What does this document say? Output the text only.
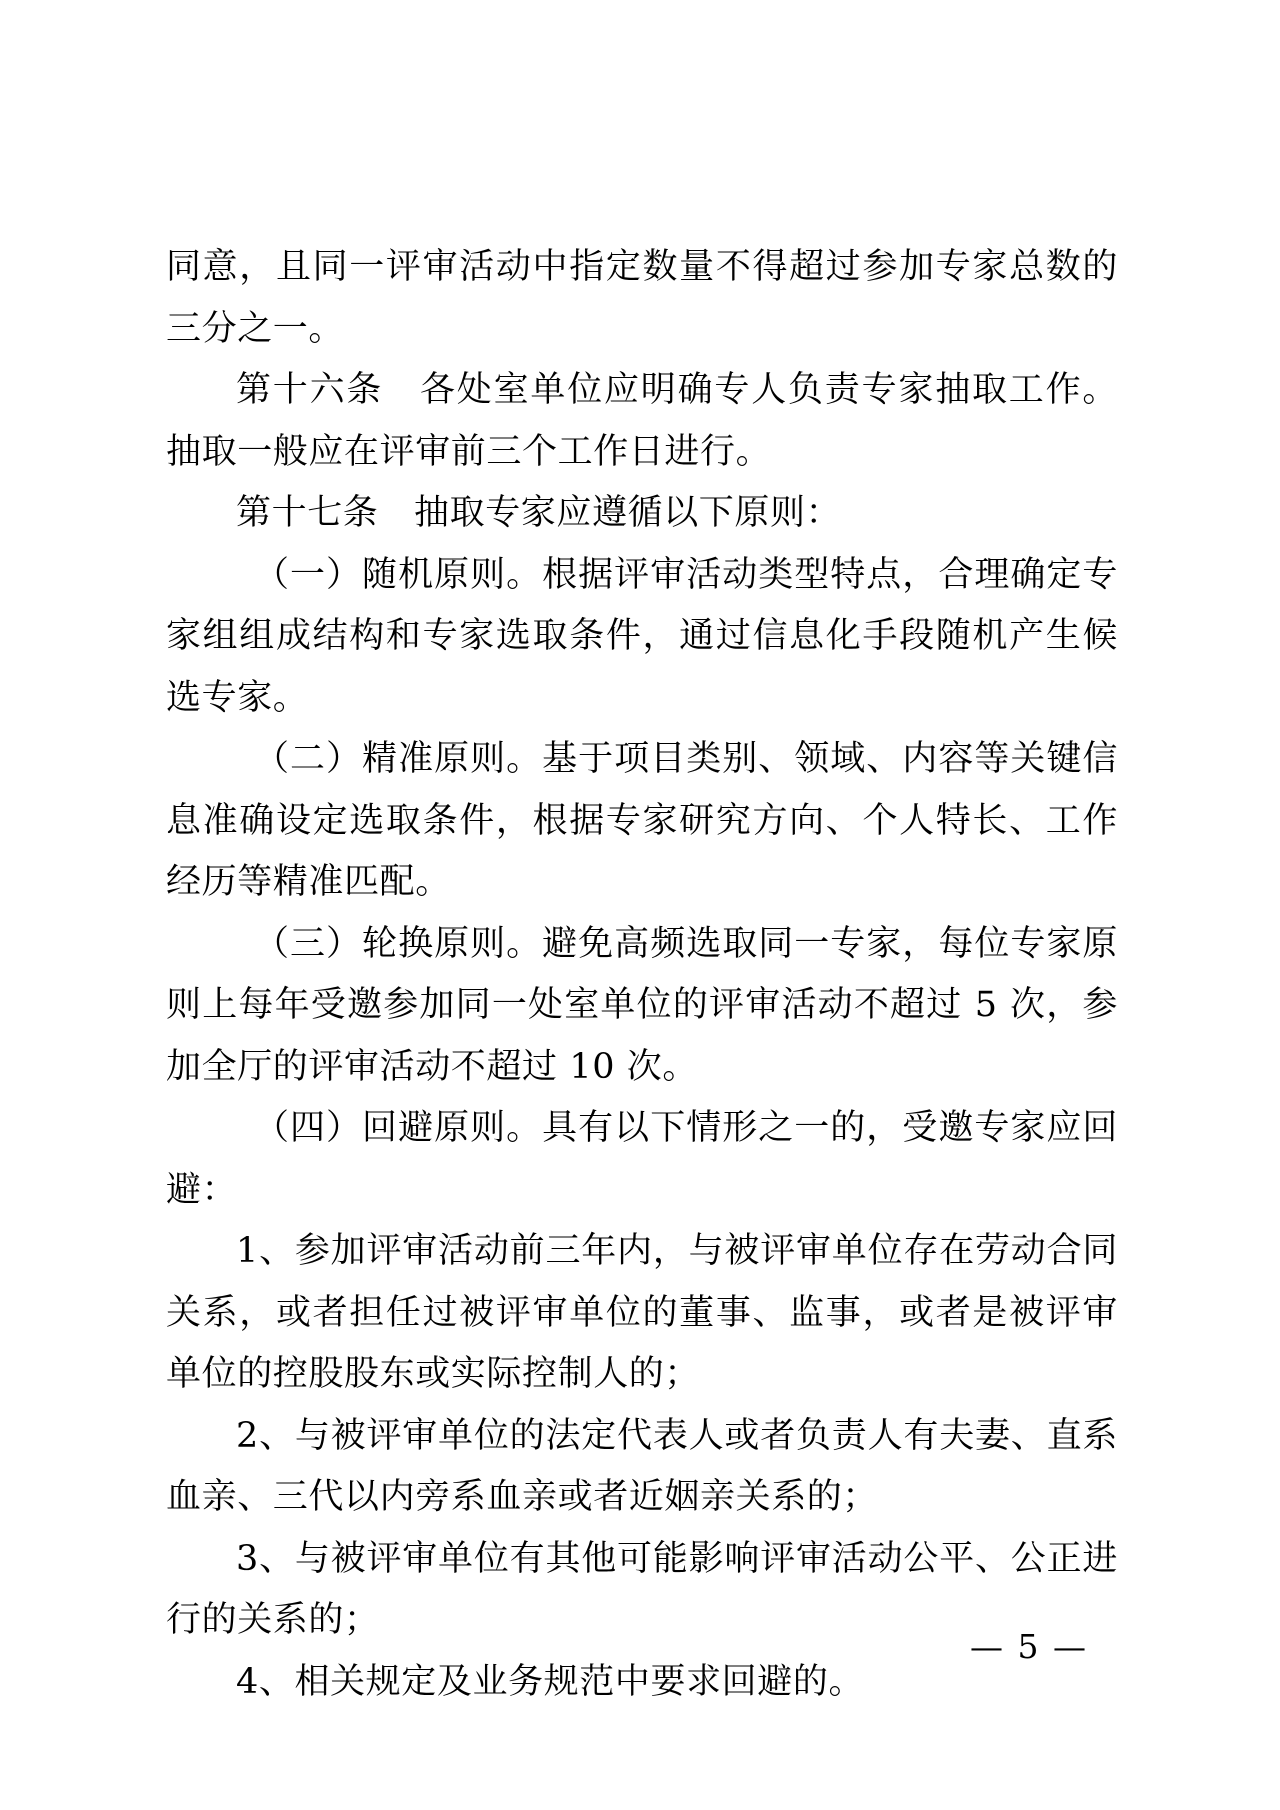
同意，且同一评审活动中指定数量不得超过参加专家总数的三分之一。

第十六条　各处室单位应明确专人负责专家抽取工作。抽取一般应在评审前三个工作日进行。

第十七条　抽取专家应遵循以下原则：

（一）随机原则。根据评审活动类型特点，合理确定专家组组成结构和专家选取条件，通过信息化手段随机产生候选专家。

（二）精准原则。基于项目类别、领域、内容等关键信息准确设定选取条件，根据专家研究方向、个人特长、工作经历等精准匹配。

（三）轮换原则。避免高频选取同一专家，每位专家原则上每年受邀参加同一处室单位的评审活动不超过 5 次，参加全厅的评审活动不超过 10 次。

（四）回避原则。具有以下情形之一的，受邀专家应回避：

1、参加评审活动前三年内，与被评审单位存在劳动合同关系，或者担任过被评审单位的董事、监事，或者是被评审单位的控股股东或实际控制人的；

2、与被评审单位的法定代表人或者负责人有夫妻、直系血亲、三代以内旁系血亲或者近姻亲关系的；

3、与被评审单位有其他可能影响评审活动公平、公正进行的关系的；

4、相关规定及业务规范中要求回避的。

— 5 —
